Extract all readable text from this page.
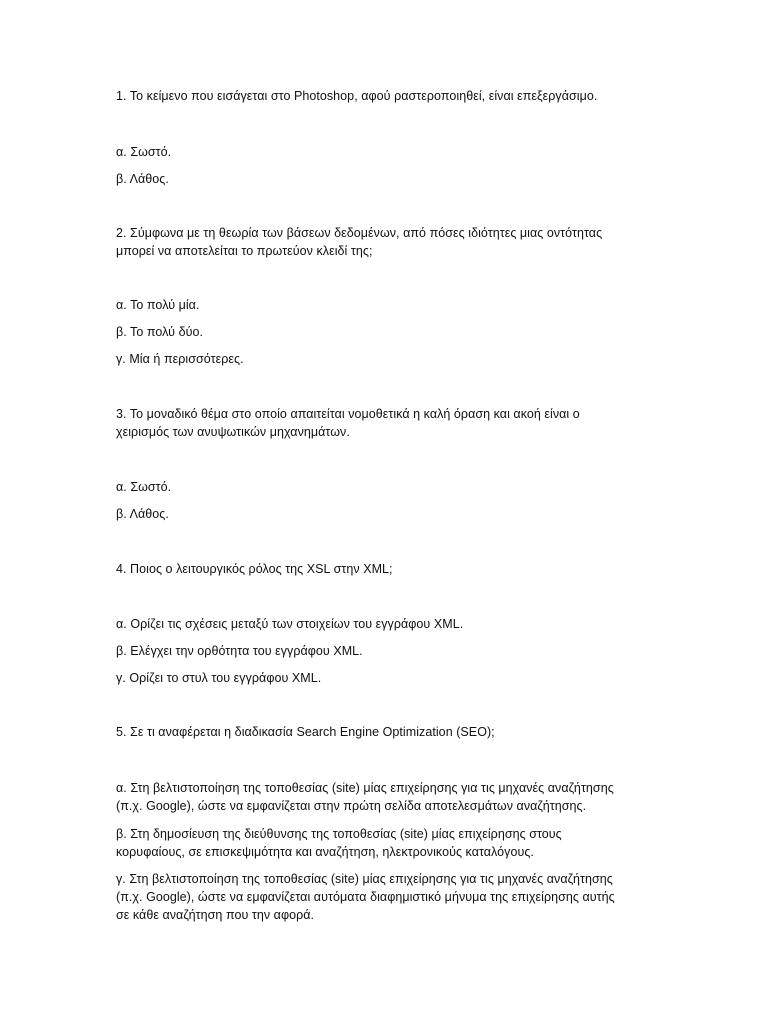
1. Το κείμενο που εισάγεται στο Photoshop, αφού ραστεροποιηθεί, είναι επεξεργάσιμο.
α. Σωστό.
β. Λάθος.
2. Σύμφωνα με τη θεωρία των βάσεων δεδομένων, από πόσες ιδιότητες μιας οντότητας
μπορεί να αποτελείται το πρωτεύον κλειδί της;
α. Το πολύ μία.
β. Το πολύ δύο.
γ. Μία ή περισσότερες.
3. Το μοναδικό θέμα στο οποίο απαιτείται νομοθετικά η καλή όραση και ακοή είναι ο
χειρισμός των ανυψωτικών μηχανημάτων.
α. Σωστό.
β. Λάθος.
4. Ποιος ο λειτουργικός ρόλος της XSL στην XML;
α. Ορίζει τις σχέσεις μεταξύ των στοιχείων του εγγράφου XML.
β. Ελέγχει την ορθότητα του εγγράφου XML.
γ. Ορίζει το στυλ του εγγράφου XML.
5. Σε τι αναφέρεται η διαδικασία Search Engine Optimization (SEO);
α. Στη βελτιστοποίηση της τοποθεσίας (site) μίας επιχείρησης για τις μηχανές αναζήτησης
(π.χ. Google), ώστε να εμφανίζεται στην πρώτη σελίδα αποτελεσμάτων αναζήτησης.
β. Στη δημοσίευση της διεύθυνσης της τοποθεσίας (site) μίας επιχείρησης στους
κορυφαίους, σε επισκεψιμότητα και αναζήτηση, ηλεκτρονικούς καταλόγους.
γ. Στη βελτιστοποίηση της τοποθεσίας (site) μίας επιχείρησης για τις μηχανές αναζήτησης
(π.χ. Google), ώστε να εμφανίζεται αυτόματα διαφημιστικό μήνυμα της επιχείρησης αυτής
σε κάθε αναζήτηση που την αφορά.
